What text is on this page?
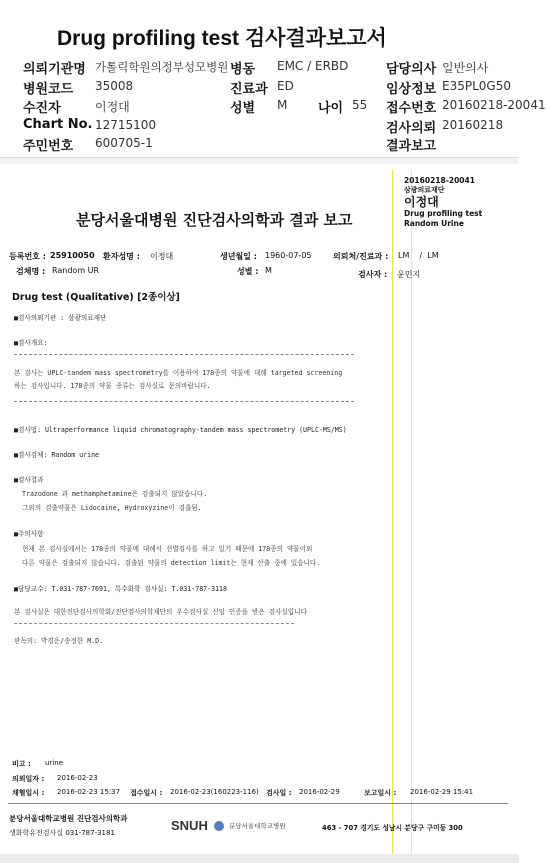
Drug profiling test 검사결과보고서
의뢰기관명 가톨릭학원의정부성모병원 병동 EMC / ERBD	담당의사 일반의사
병원코드 35008	진료과 ED	임상정보 E35PL0G50
수진자	이정대	성별 M 나이 55 접수번호 20160218-20041
Chart No. 12715100	검사의뢰 20160218
주민번호 600705-1	결과보고
20160218-20041
삼광의료재단
이정대
Drug profiling test
Random Urine
분당서울대병원 진단검사의학과 결과 보고
등록번호 : 25910050 환자성명 : 이정대	생년월일 : 1960-07-05	의뢰처/진료과 : LM    /  LM
검체명 : Random UR	성별 : M	검사자 : 윤민지
Drug test (Qualitative) [2종이상]
■검사의뢰기관 : 삼광의료재단
■검사개요:
본 검사는 UPLC-tandem mass spectrometry를 이용하여 178종의 약물에 대해 targeted screening
하는 검사입니다. 178종의 약물 종류는 검사실로 문의바랍니다.
■검사법: Ultraperformance liquid chromatography-tandem mass spectrometry (UPLC-MS/MS)
■검사검체: Random urine
■검사결과
Trazodone 과 methamphetamine은 검출되지 않았습니다.
그외의 검출약물은 Lidocaine, Hydroxyzine이 검출됨.
■주의사항
현재 본 검사실에서는 178종의 약물에 대해서 선별검사를 하고 있기 때문에 178종의 약물이외
다른 약물은 검출되지 않습니다. 검출된 약물의 detection limit는 현재 산출 중에 있습니다.
■담당교수: T.031-787-7691, 특수화학 검사실: T.031-787-3118
본 검사실은 대한진단검사의학회/진단검사의학재단의 우수검사실 신임 인증을 받은 검사실입니다
판독의: 박경운/송정한 M.D.
비고 : urine
의뢰일자 : 2016-02-23
채혈일시 : 2016-02-23 15:37 접수일시 : 2016-02-23(160223-116) 검사일 : 2016-02-29	보고일시 : 2016-02-29 15:41
분당서울대학교병원 진단검사의학과
생화학유전검사실 031-787-3181	SNUH	분당서울대학교병원	463 - 707 경기도 성남시 분당구 구미동 300
